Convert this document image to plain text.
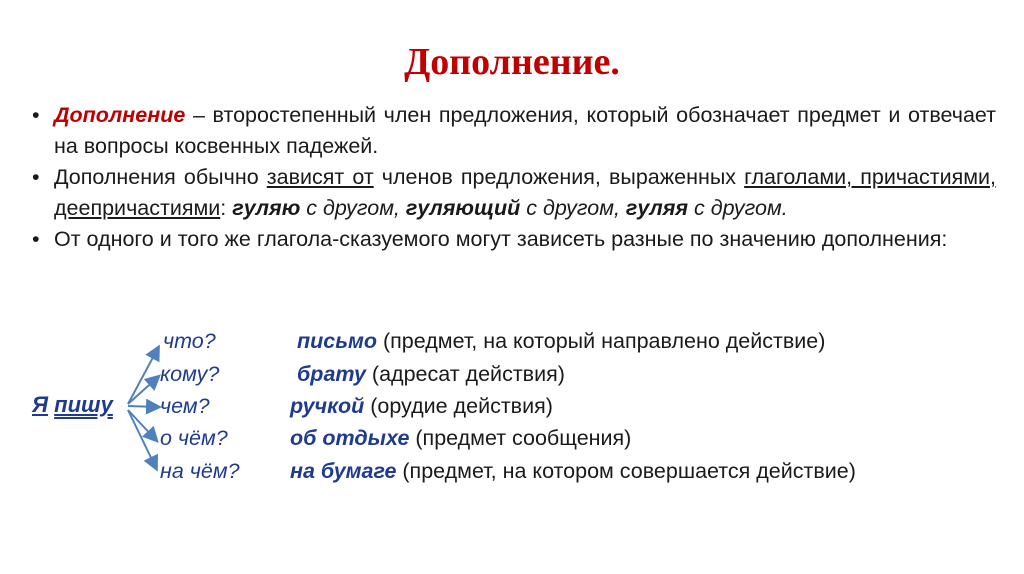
Дополнение.
• Дополнение – второстепенный член предложения, который обозначает предмет и отвечает на вопросы косвенных падежей.
• Дополнения обычно зависят от членов предложения, выраженных глаголами, причастиями, деепричастиями: гуляю с другом, гуляющий с другом, гуляя с другом.
• От одного и того же глагола-сказуемого могут зависеть разные по значению дополнения:
Я пишу
что?	письмо (предмет, на который направлено действие)
кому?	брату (адресат действия)
чем?	ручкой (орудие действия)
о чём?	об отдыхе (предмет сообщения)
на чём? на бумаге (предмет, на котором совершается действие)
